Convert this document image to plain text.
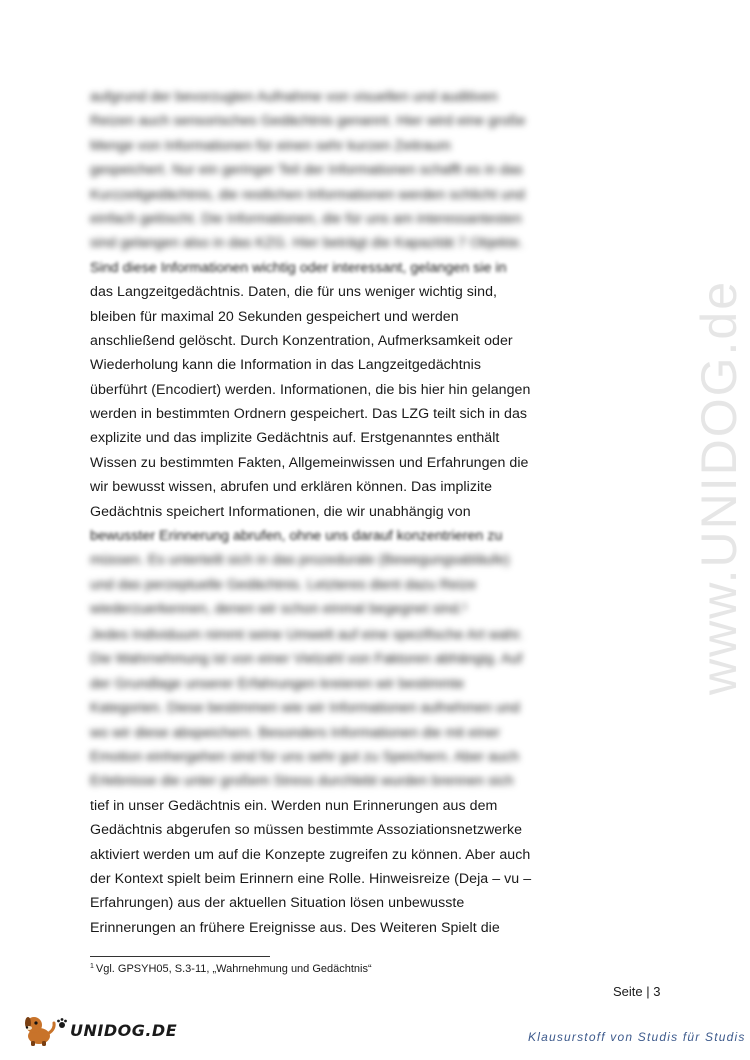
www.UNIDOG.de
aufgrund der bevorzugten Aufnahme von visuellen und auditiven
Reizen auch sensorisches Gedächtnis genannt. Hier wird eine große
Menge von Informationen für einen sehr kurzen Zeitraum
gespeichert. Nur ein geringer Teil der Informationen schafft es in das
Kurzzeitgedächtnis, die restlichen Informationen werden schlicht und
einfach gelöscht. Die Informationen, die für uns am interessantesten
sind gelangen also in das KZG. Hier beträgt die Kapazität 7 Objekte.
Sind diese Informationen wichtig oder interessant, gelangen sie in
das Langzeitgedächtnis. Daten, die für uns weniger wichtig sind,
bleiben für maximal 20 Sekunden gespeichert und werden
anschließend gelöscht. Durch Konzentration, Aufmerksamkeit oder
Wiederholung kann die Information in das Langzeitgedächtnis
überführt (Encodiert) werden. Informationen, die bis hier hin gelangen
werden in bestimmten Ordnern gespeichert. Das LZG teilt sich in das
explizite und das implizite Gedächtnis auf. Erstgenanntes enthält
Wissen zu bestimmten Fakten, Allgemeinwissen und Erfahrungen die
wir bewusst wissen, abrufen und erklären können. Das implizite
Gedächtnis speichert Informationen, die wir unabhängig von
bewusster Erinnerung abrufen, ohne uns darauf konzentrieren zu
müssen. Es unterteilt sich in das prozedurale (Bewegungsabläufe)
und das perzeptuelle Gedächtnis. Letzteres dient dazu Reize
wiederzuerkennen, denen wir schon einmal begegnet sind.¹
Jedes Individuum nimmt seine Umwelt auf eine spezifische Art wahr.
Die Wahrnehmung ist von einer Vielzahl von Faktoren abhängig. Auf
der Grundlage unserer Erfahrungen kreieren wir bestimmte
Kategorien. Diese bestimmen wie wir Informationen aufnehmen und
wo wir diese abspeichern. Besonders Informationen die mit einer
Emotion einhergehen sind für uns sehr gut zu Speichern. Aber auch
Erlebnisse die unter großem Stress durchlebt wurden brennen sich
tief in unser Gedächtnis ein. Werden nun Erinnerungen aus dem
Gedächtnis abgerufen so müssen bestimmte Assoziationsnetzwerke
aktiviert werden um auf die Konzepte zugreifen zu können. Aber auch
der Kontext spielt beim Erinnern eine Rolle. Hinweisreize (Deja – vu –
Erfahrungen) aus der aktuellen Situation lösen unbewusste
Erinnerungen an frühere Ereignisse aus. Des Weiteren Spielt die
$^1$ Vgl. GPSYH05, S.3-11, „Wahrnehmung und Gedächtnis“
Seite | 3
UNIDOG.DE	Klausurstoff von Studis für Studis
